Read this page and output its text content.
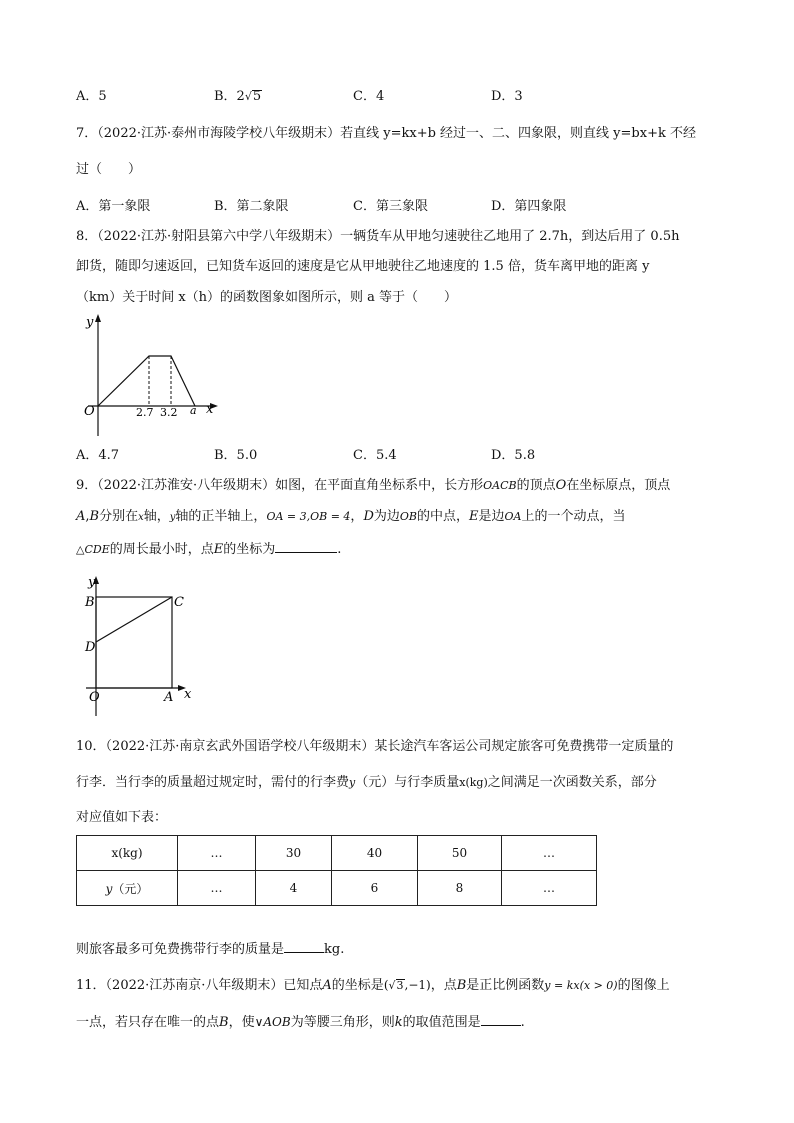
A．5	B．2√5	C．4	D．3
7．（2022·江苏·泰州市海陵学校八年级期末）若直线 y=kx+b 经过一、二、四象限，则直线 y=bx+k 不经
过（　　）
A．第一象限	B．第二象限	C．第三象限	D．第四象限
8．（2022·江苏·射阳县第六中学八年级期末）一辆货车从甲地匀速驶往乙地用了 2.7h，到达后用了 0.5h
卸货，随即匀速返回，已知货车返回的速度是它从甲地驶往乙地速度的 1.5 倍，货车离甲地的距离 y
（km）关于时间 x（h）的函数图象如图所示，则 a 等于（　　）
y
x
O	2.7 3.2 a
A．4.7	B．5.0	C．5.4	D．5.8
9．（2022·江苏淮安·八年级期末）如图，在平面直角坐标系中，长方形OACB的顶点O在坐标原点，顶点
A,B分别在x轴，y轴的正半轴上，OA = 3,OB = 4，D为边OB的中点，E是边OA上的一个动点，当
△CDE的周长最小时，点E的坐标为	.
y
x
O	A
B	C
D
10．（2022·江苏·南京玄武外国语学校八年级期末）某长途汽车客运公司规定旅客可免费携带一定质量的
行李．当行李的质量超过规定时，需付的行李费y（元）与行李质量x(kg)之间满足一次函数关系，部分
对应值如下表：
x(kg)	…	30	40	50	…
y（元）	…	4	6	8	…
则旅客最多可免费携带行李的质量是	kg.
11．（2022·江苏南京·八年级期末）已知点A的坐标是(√3,−1)，点B是正比例函数y = kx(x > 0)的图像上
一点，若只存在唯一的点B，使∨AOB为等腰三角形，则k的取值范围是	.
